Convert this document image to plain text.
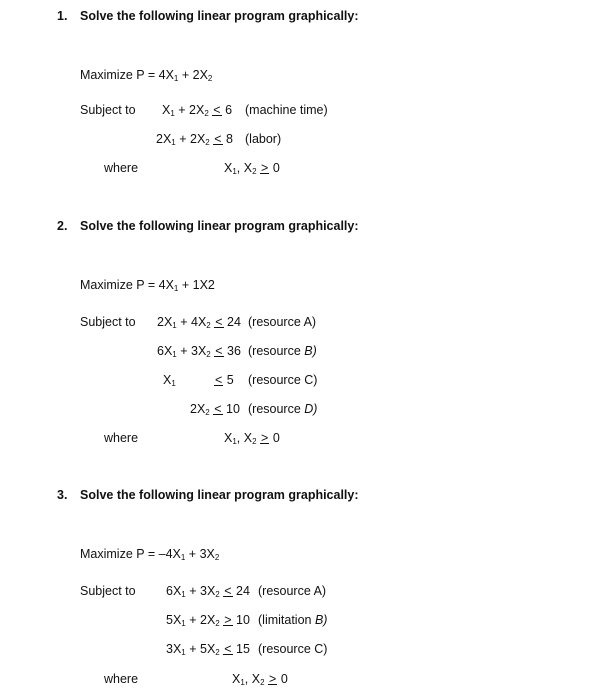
1. Solve the following linear program graphically:
Maximize $P = 4X_1 + 2X_2$
Subject to $X_1 + 2X_2 < 6$ (machine time)
$2X_1 + 2X_2 < 8$ (labor)
where	$X_1$, $X_2 > 0$
2. Solve the following linear program graphically:
Maximize $P = 4X_1 + 1X2$
Subject to $2X_1 + 4X_2 < 24$ (resource A)
$6X_1 + 3X_2 < 36$ (resource B)
$X_1$	< 5 (resource C)
$2X_2 < 10$ (resource D)
where	$X_1$, $X_2 > 0$
3. Solve the following linear program graphically:
Maximize $P = -4X_1 + 3X_2$
Subject to $6X_1 + 3X_2 < 24$ (resource A)
$5X_1 + 2X_2 > 10$ (limitation B)
$3X_1 + 5X_2 < 15$ (resource C)
where	$X_1$, $X_2 > 0$
